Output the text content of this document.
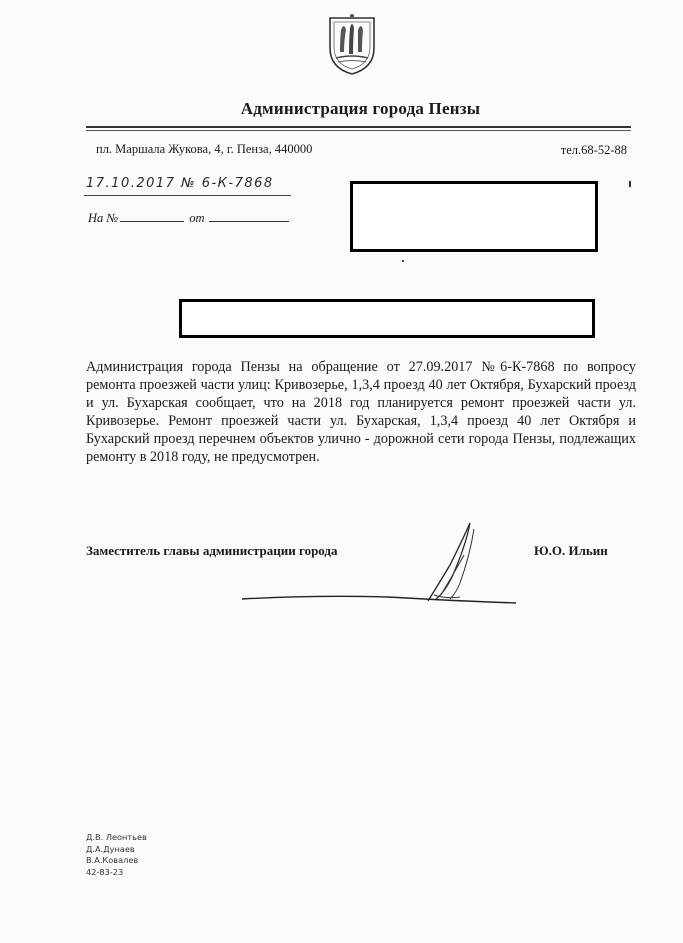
Администрация города Пензы
пл. Маршала Жукова, 4, г. Пенза, 440000	тел.68-52-88
17.10.2017 № 6-К-7868
На №	от
Администрация города Пензы на обращение от 27.09.2017 №6-К-7868 по вопросу ремонта проезжей части улиц: Кривозерье, 1,3,4 проезд 40 лет Октября, Бухарский проезд и ул. Бухарская сообщает, что на 2018 год планируется ремонт проезжей части ул. Кривозерье. Ремонт проезжей части ул. Бухарская, 1,3,4 проезд 40 лет Октября и Бухарский проезд перечнем объектов улично - дорожной сети города Пензы, подлежащих ремонту в 2018 году, не предусмотрен.
Заместитель главы администрации города	Ю.О. Ильин
Д.В. Леонтьев
Д.А.Дунаев
В.А.Ковалев
42-83-23
